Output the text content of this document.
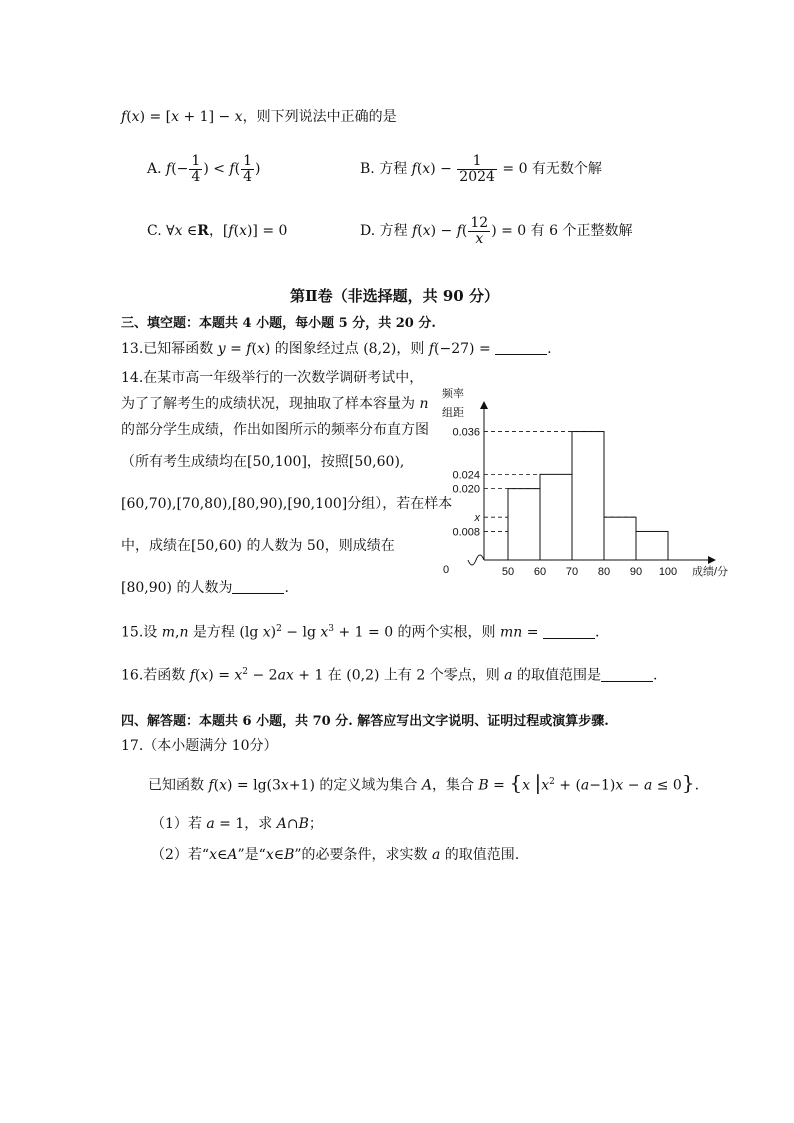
f(x) = [x + 1] − x，则下列说法中正确的是
A. $f(- \frac{1}{4}$ ) < $f( \frac{1}{4}$ )	B. 方程 $f(x) - \frac{1}{2024} = 0$ 有无数个解
C. ∀x ∈R，[f(x)] = 0	D. 方程 $f(x) - f( \frac{12}{x}$ ) = 0 有 6 个正整数解
第Ⅱ卷（非选择题，共 90 分）
三、填空题：本题共 4 小题，每小题 5 分，共 20 分.
13.已知幂函数 y = f(x) 的图象经过点 (8,2)，则 f(−27) =	.
14.在某市高一年级举行的一次数学调研考试中，
为了了解考生的成绩状况，现抽取了样本容量为 n
的部分学生成绩，作出如图所示的频率分布直方图
（所有考生成绩均在[50,100]，按照[50,60),
[60,70),[70,80),[80,90),[90,100]分组），若在样本
中，成绩在[50,60) 的人数为 50，则成绩在
[80,90) 的人数为	.
频率
组距
0	成绩/分
50 60 70 80 90 100
0.036
0.024
0.020
x
0.008
15.设 m,n 是方程 (lg $x)^2 - \lg x^3 + 1 = 0$ 的两个实根，则 mn =	.
16.若函数 $f(x) = x^2 - 2ax + 1$ 在 (0,2) 上有 2 个零点，则 a 的取值范围是	.
四、解答题：本题共 6 小题，共 70 分. 解答应写出文字说明、证明过程或演算步骤.
17.（本小题满分 10分）
已知函数 f(x) = lg(3x+1) 的定义域为集合 A，集合 B = {x $|x^2 + (a-1)x - a \le 0$}.
（1）若 a = 1，求 A∩B；
（2）若“x∈A”是“x∈B”的必要条件，求实数 a 的取值范围.
